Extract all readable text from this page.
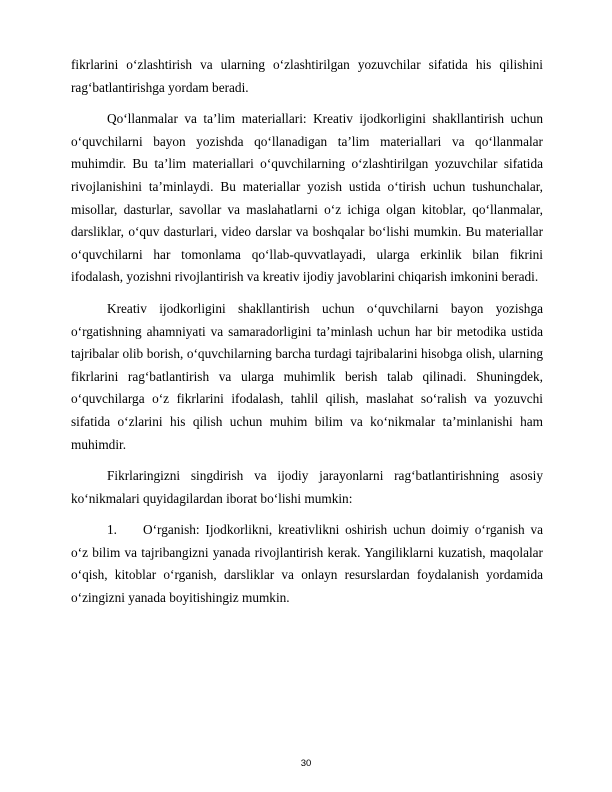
fikrlarini o‘zlashtirish va ularning o‘zlashtirilgan yozuvchilar sifatida his qilishini rag‘batlantirishga yordam beradi.

Qo‘llanmalar va ta’lim materiallari: Kreativ ijodkorligini shakllantirish uchun o‘quvchilarni bayon yozishda qo‘llanadigan ta’lim materiallari va qo‘llanmalar muhimdir. Bu ta’lim materiallari o‘quvchilarning o‘zlashtirilgan yozuvchilar sifatida rivojlanishini ta’minlaydi. Bu materiallar yozish ustida o‘tirish uchun tushunchalar, misollar, dasturlar, savollar va maslahatlarni o‘z ichiga olgan kitoblar, qo‘llanmalar, darsliklar, o‘quv dasturlari, video darslar va boshqalar bo‘lishi mumkin. Bu materiallar o‘quvchilarni har tomonlama qo‘llab-quvvatlayadi, ularga erkinlik bilan fikrini ifodalash, yozishni rivojlantirish va kreativ ijodiy javoblarini chiqarish imkonini beradi.

Kreativ ijodkorligini shakllantirish uchun o‘quvchilarni bayon yozishga o‘rgatishning ahamniyati va samaradorligini ta’minlash uchun har bir metodika ustida tajribalar olib borish, o‘quvchilarning barcha turdagi tajribalarini hisobga olish, ularning fikrlarini rag‘batlantirish va ularga muhimlik berish talab qilinadi. Shuningdek, o‘quvchilarga o‘z fikrlarini ifodalash, tahlil qilish, maslahat so‘ralish va yozuvchi sifatida o‘zlarini his qilish uchun muhim bilim va ko‘nikmalar ta’minlanishi ham muhimdir.

Fikrlaringizni singdirish va ijodiy jarayonlarni rag‘batlantirishning asosiy ko‘nikmalari quyidagilardan iborat bo‘lishi mumkin:

1. O‘rganish: Ijodkorlikni, kreativlikni oshirish uchun doimiy o‘rganish va o‘z bilim va tajribangizni yanada rivojlantirish kerak. Yangiliklarni kuzatish, maqolalar o‘qish, kitoblar o‘rganish, darsliklar va onlayn resurslardan foydalanish yordamida o‘zingizni yanada boyitishingiz mumkin.

30
